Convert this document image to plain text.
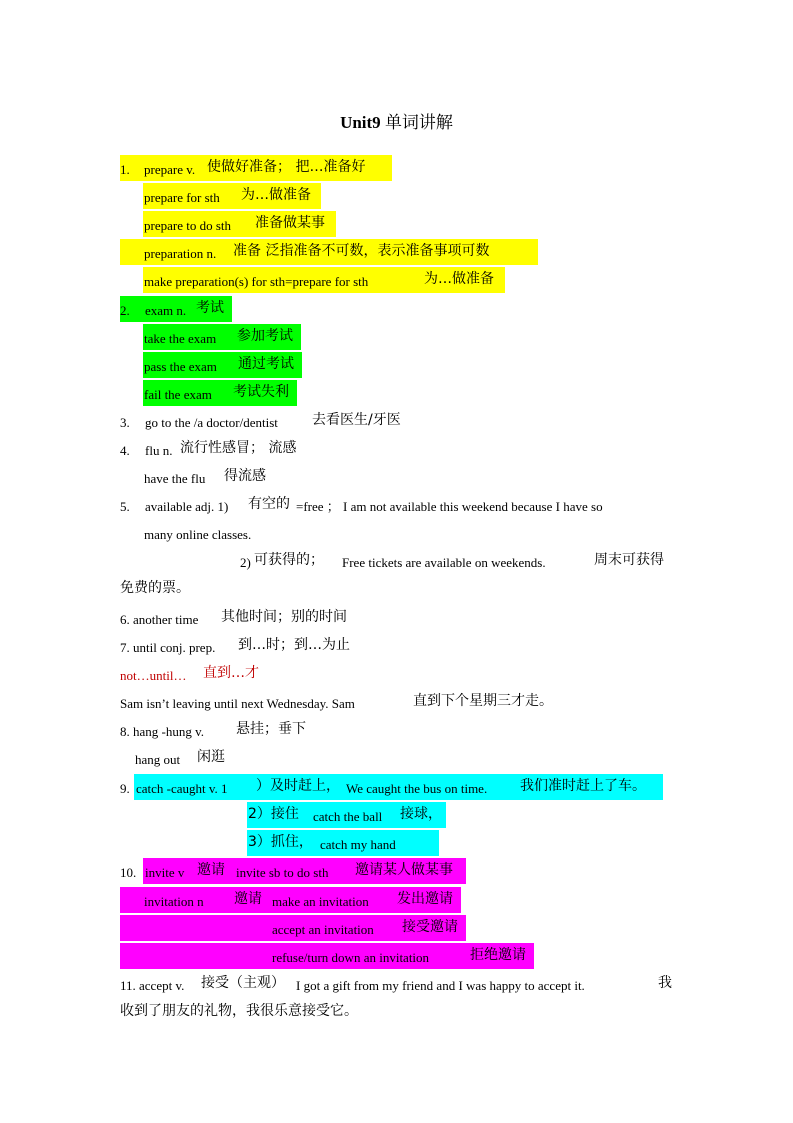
Unit9 单词讲解
1. prepare v. 使做好准备； 把…准备好
prepare for sth 为…做准备
prepare to do sth 准备做某事
preparation n. 准备 泛指准备不可数，表示准备事项可数
make preparation(s) for sth=prepare for sth	为…做准备
2. exam n. 考试
take the exam 参加考试
pass the exam 通过考试
fail the exam 考试失利
3. go to the /a doctor/dentist 去看医生/牙医
4. flu n. 流行性感冒； 流感
have the flu 得流感
5. available adj. 1) 有空的 =free ； I am not available this weekend because I have so
many online classes.
2) 可获得的； Free tickets are available on weekends.	周末可获得
免费的票。
6. another time 其他时间；别的时间
7. until conj. prep. 到…时；到…为止
not…until… 直到…才
Sam isn’t leaving until next Wednesday. Sam	直到下个星期三才走。
8. hang -hung v. 悬挂；垂下
hang out 闲逛
9. catch -caught v. 1 ）及时赶上， We caught the bus on time. 我们准时赶上了车。
2）接住 catch the ball 接球，
3）抓住， catch my hand
10. invite v 邀请 invite sb to do sth 邀请某人做某事
invitation n 邀请 make an invitation 发出邀请
accept an invitation 接受邀请
refuse/turn down an invitation	拒绝邀请
11. accept v. 接受（主观） I got a gift from my friend and I was happy to accept it.	我
收到了朋友的礼物，我很乐意接受它。
